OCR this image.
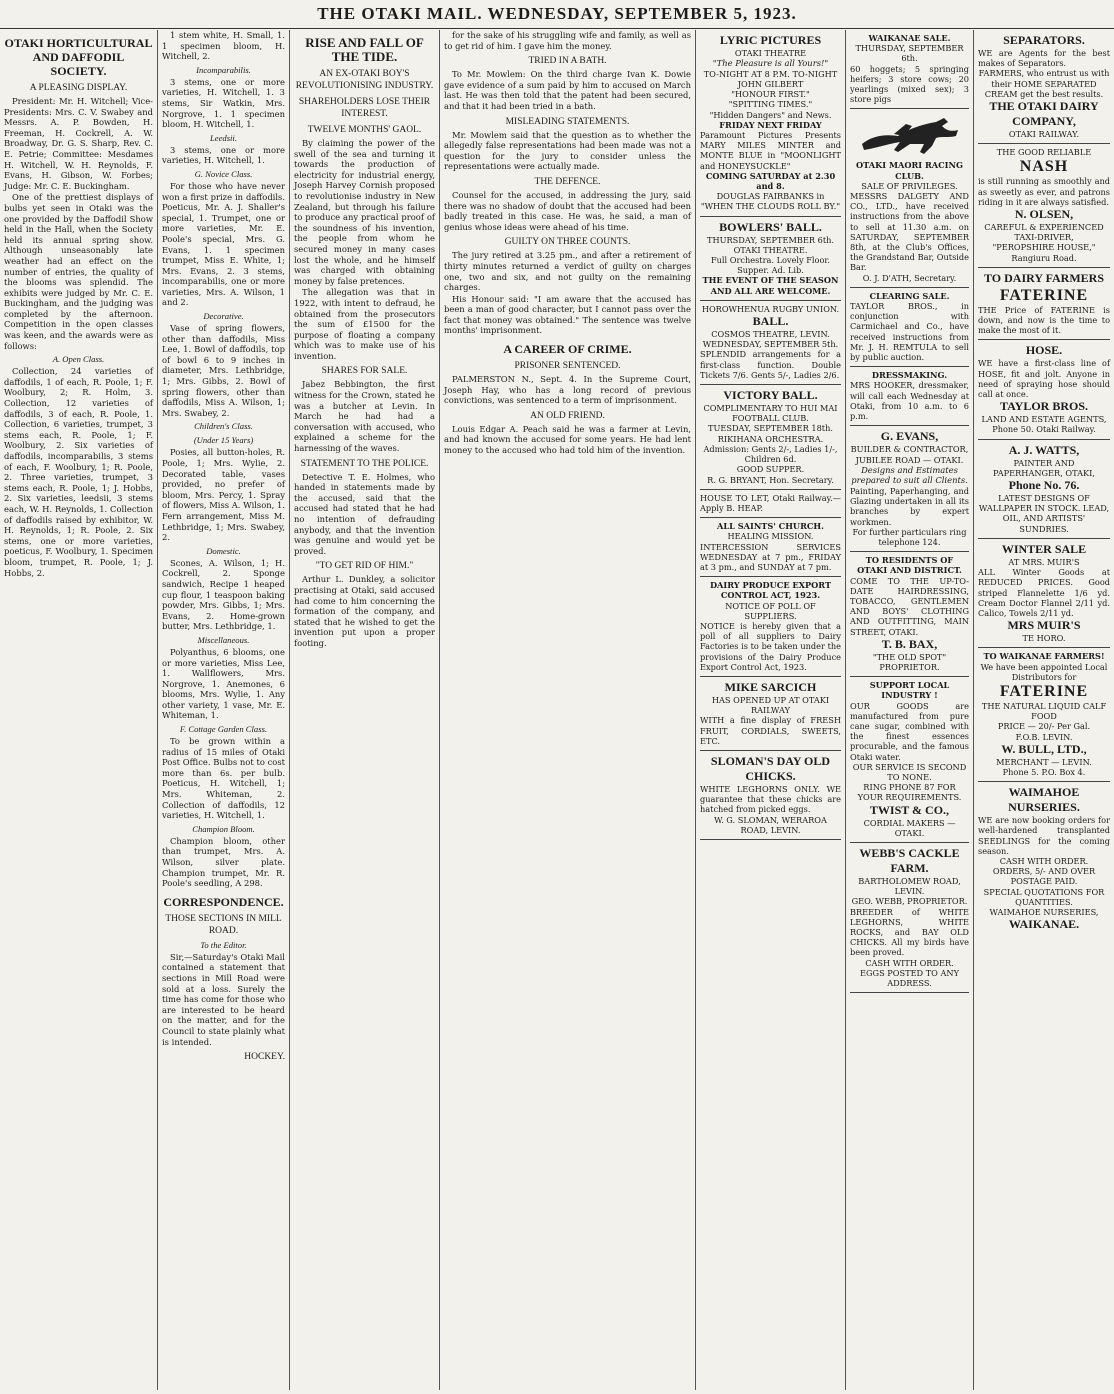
THE OTAKI MAIL. WEDNESDAY, SEPTEMBER 5, 1923.
OTAKI HORTICULTURAL AND DAFFODIL SOCIETY.
A PLEASING DISPLAY.

President: Mr. H. Witchell; Vice-Presidents: Mrs. C. V. Swabey and Messrs. A. P. Bowden, H. Freeman, H. Cockrell, A. W. Broadway, Dr. G. S. Sharp, Rev. C. E. Petrie; Committee: Mesdames H. Witchell, W. H. Reynolds, F. Evans, H. Gibson, W. Forbes; Judge: Mr. C. E. Buckingham.

One of the prettiest displays of bulbs yet seen in Otaki was the one provided by the Daffodil Show held in the Hall, when the Society held its annual spring show. Although unseasonably late weather had an effect on the number of entries, the quality of the blooms was splendid. The exhibits were judged by Mr. C. E. Buckingham, and the judging was completed by the afternoon. Competition in the open classes was keen, and the awards were as follows:

A. Open Class.

Collection, 24 varieties of daffodils, 1 of each, R. Poole, 1; F. Woolbury, 2; R. Holm, 3. Collection, 12 varieties of daffodils, 3 of each, R. Poole, 1. Collection, 6 varieties, trumpet, 3 stems each, R. Poole, 1; F. Woolbury, 2. Six varieties of daffodils, incomparabilis, 3 stems of each, F. Woolbury, 1; R. Poole, 2. Three varieties, trumpet, 3 stems each, R. Poole, 1; J. Hobbs, 2. Six varieties, leedsii, 3 stems each, W. H. Reynolds, 1. Collection of daffodils raised by exhibitor, W. H. Reynolds, 1; R. Poole, 2. Six stems, one or more varieties, poeticus, F. Woolbury, 1. Specimen bloom, trumpet, R. Poole, 1; J. Hobbs, 2.

1 stem white, H. Small, 1. 1 specimen bloom, H. Witchell, 2.

Incomparabilis.

3 stems, one or more varieties, H. Witchell, 1. 3 stems, Sir Watkin, Mrs. Norgrove, 1. 1 specimen bloom, H. Witchell, 1.

Leedsii.

3 stems, one or more varieties, H. Witchell, 1.

G. Novice Class.

For those who have never won a first prize in daffodils. Poeticus, Mr. A. J. Shaller's special, 1. Trumpet, one or more varieties, Mr. E. Poole's special, Mrs. G. Evans, 1. 1 specimen trumpet, Miss E. White, 1; Mrs. Evans, 2. 3 stems, incomparabilis, one or more varieties, Mrs. A. Wilson, 1 and 2.

Decorative.

Vase of spring flowers, other than daffodils, Miss Lee, 1. Bowl of daffodils, top of bowl 6 to 9 inches in diameter, Mrs. Lethbridge, 1; Mrs. Gibbs, 2. Bowl of spring flowers, other than daffodils, Miss A. Wilson, 1; Mrs. Swabey, 2.

Children's Class.
(Under 15 Years)

Posies, all button-holes, R. Poole, 1; Mrs. Wylie, 2. Decorated table, vases provided, no prefer of bloom, Mrs. Percy, 1. Spray of flowers, Miss A. Wilson, 1. Fern arrangement, Miss M. Lethbridge, 1; Mrs. Swabey, 2.

Domestic.

Scones, A. Wilson, 1; H. Cockrell, 2. Sponge sandwich, Recipe 1 heaped cup flour, 1 teaspoon baking powder, Mrs. Gibbs, 1; Mrs. Evans, 2. Home-grown butter, Mrs. Lethbridge, 1.

Miscellaneous.

Polyanthus, 6 blooms, one or more varieties, Miss Lee, 1. Wallflowers, Mrs. Norgrove, 1. Anemones, 6 blooms, Mrs. Wylie, 1. Any other variety, 1 vase, Mr. E. Whiteman, 1.

F. Cottage Garden Class.

To be grown within a radius of 15 miles of Otaki Post Office. Bulbs not to cost more than 6s. per bulb. Poeticus, H. Witchell, 1; Mrs. Whiteman, 2. Collection of daffodils, 12 varieties, H. Witchell, 1.

Champion Bloom.

Champion bloom, other than trumpet, Mrs. A. Wilson, silver plate. Champion trumpet, Mr. R. Poole's seedling, A 298.

CORRESPONDENCE.
THOSE SECTIONS IN MILL ROAD.
To the Editor.

Sir,—Saturday's Otaki Mail contained a statement that sections in Mill Road were sold at a loss. Surely the time has come for those who are interested to be heard on the matter, and for the Council to state plainly what is intended.

HOCKEY.
RISE AND FALL OF THE TIDE.
AN EX-OTAKI BOY'S REVOLUTIONISING INDUSTRY.
SHAREHOLDERS LOSE THEIR INTEREST.
TWELVE MONTHS' GAOL.

By claiming the power of the swell of the sea and turning it towards the production of electricity for industrial energy, Joseph Harvey Cornish proposed to revolutionise industry in New Zealand, but through his failure to produce any practical proof of the soundness of his invention, the people from whom he secured money in many cases lost the whole, and he himself was charged with obtaining money by false pretences.

The allegation was that in 1922, with intent to defraud, he obtained from the prosecutors the sum of £1500 for the purpose of floating a company which was to make use of his invention.

SHARES FOR SALE.

Jabez Bebbington, the first witness for the Crown, stated he was a butcher at Levin. In March he had had a conversation with accused, who explained a scheme for the harnessing of the waves.

STATEMENT TO THE POLICE.

Detective T. E. Holmes, who handed in statements made by the accused, said that the accused had stated that he had no intention of defrauding anybody, and that the invention was genuine and would yet be proved.

"TO GET RID OF HIM."

Arthur L. Dunkley, a solicitor practising at Otaki, said accused had come to him concerning the formation of the company, and stated that he wished to get the invention put upon a proper footing.

for the sake of his struggling wife and family, as well as to get rid of him. I gave him the money.

TRIED IN A BATH.

To Mr. Mowlem: On the third charge Ivan K. Dowie gave evidence of a sum paid by him to accused on March last. He was then told that the patent had been secured, and that it had been tried in a bath.

MISLEADING STATEMENTS.

Mr. Mowlem said that the question as to whether the allegedly false representations had been made was not a question for the jury to consider unless the representations were actually made.

THE DEFENCE.

Counsel for the accused, in addressing the jury, said there was no shadow of doubt that the accused had been badly treated in this case. He was, he said, a man of genius whose ideas were ahead of his time.

GUILTY ON THREE COUNTS.

The jury retired at 3.25 pm., and after a retirement of thirty minutes returned a verdict of guilty on charges one, two and six, and not guilty on the remaining charges.

His Honour said: "I am aware that the accused has been a man of good character, but I cannot pass over the fact that money was obtained." The sentence was twelve months' imprisonment.

A CAREER OF CRIME.
PRISONER SENTENCED.

PALMERSTON N., Sept. 4. In the Supreme Court, Joseph Hay, who has a long record of previous convictions, was sentenced to a term of imprisonment.

AN OLD FRIEND.

Louis Edgar A. Peach said he was a farmer at Levin, and had known the accused for some years. He had lent money to the accused who had told him of the invention.

LYRIC PICTURES
OTAKI THEATRE
"The Pleasure is all Yours!"
TO-NIGHT AT 8 P.M. TO-NIGHT
JOHN GILBERT
"HONOUR FIRST."
"SPITTING TIMES."
"Hidden Dangers" and News.
FRIDAY NEXT FRIDAY
Paramount Pictures Presents MARY MILES MINTER and MONTE BLUE in "MOONLIGHT and HONEYSUCKLE"
COMING SATURDAY at 2.30 and 8.
DOUGLAS FAIRBANKS in
"WHEN THE CLOUDS ROLL BY."
BOWLERS' BALL.
THURSDAY, SEPTEMBER 6th.
OTAKI THEATRE.
Full Orchestra. Lovely Floor. Supper. Ad. Lib.
THE EVENT OF THE SEASON AND ALL ARE WELCOME.
HOROWHENUA RUGBY UNION.
BALL.
COSMOS THEATRE, LEVIN.
WEDNESDAY, SEPTEMBER 5th.
SPLENDID arrangements for a first-class function. Double Tickets 7/6. Gents 5/-, Ladies 2/6.
VICTORY BALL.
COMPLIMENTARY TO HUI MAI FOOTBALL CLUB.
TUESDAY, SEPTEMBER 18th.
RIKIHANA ORCHESTRA.
Admission: Gents 2/-, Ladies 1/-, Children 6d.
GOOD SUPPER.
R. G. BRYANT, Hon. Secretary.
HOUSE TO LET, Otaki Railway.—Apply B. HEAP.
ALL SAINTS' CHURCH.
HEALING MISSION.
INTERCESSION SERVICES WEDNESDAY at 7 pm., FRIDAY at 3 pm., and SUNDAY at 7 pm.
DAIRY PRODUCE EXPORT CONTROL ACT, 1923.
NOTICE OF POLL OF SUPPLIERS.
NOTICE is hereby given that a poll of all suppliers to Dairy Factories is to be taken under the provisions of the Dairy Produce Export Control Act, 1923.
MIKE SARCICH
HAS OPENED UP AT OTAKI RAILWAY
WITH a fine display of FRESH FRUIT, CORDIALS, SWEETS, ETC.
SLOMAN'S DAY OLD CHICKS.
WHITE LEGHORNS ONLY. WE guarantee that these chicks are hatched from picked eggs.
W. G. SLOMAN, WERAROA ROAD, LEVIN.
WAIKANAE SALE.
THURSDAY, SEPTEMBER 6th.
60 hoggets; 5 springing heifers; 3 store cows; 20 yearlings (mixed sex); 3 store pigs
OTAKI MAORI RACING CLUB.
SALE OF PRIVILEGES.
MESSRS DALGETY AND CO., LTD., have received instructions from the above to sell at 11.30 a.m. on SATURDAY, SEPTEMBER 8th, at the Club's Offices, the Grandstand Bar, Outside Bar.
O. J. D'ATH, Secretary.
CLEARING SALE.
TAYLOR BROS., in conjunction with Carmichael and Co., have received instructions from Mr. J. H. REMTULA to sell by public auction.
DRESSMAKING.
MRS HOOKER, dressmaker, will call each Wednesday at Otaki, from 10 a.m. to 6 p.m.
G. EVANS,
BUILDER & CONTRACTOR,
JUBILEE ROAD — OTAKI.
Designs and Estimates prepared to suit all Clients.
Painting, Paperhanging, and Glazing undertaken in all its branches by expert workmen.
For further particulars ring telephone 124.
TO RESIDENTS OF OTAKI AND DISTRICT.
COME TO THE UP-TO-DATE HAIRDRESSING, TOBACCO, GENTLEMEN AND BOYS' CLOTHING AND OUTFITTING, MAIN STREET, OTAKI.
T. B. BAX,
"THE OLD SPOT"
PROPRIETOR.
SUPPORT LOCAL INDUSTRY !
OUR GOODS are manufactured from pure cane sugar, combined with the finest essences procurable, and the famous Otaki water.
OUR SERVICE IS SECOND TO NONE.
RING PHONE 87 FOR YOUR REQUIREMENTS.
TWIST & CO.,
CORDIAL MAKERS — OTAKI.
WEBB'S CACKLE FARM.
BARTHOLOMEW ROAD, LEVIN.
GEO. WEBB, PROPRIETOR.
BREEDER of WHITE LEGHORNS, WHITE ROCKS, and BAY OLD CHICKS. All my birds have been proved.
CASH WITH ORDER.
EGGS POSTED TO ANY ADDRESS.
SEPARATORS.
WE are Agents for the best makes of Separators.
FARMERS, who entrust us with their HOME SEPARATED CREAM get the best results.
THE OTAKI DAIRY COMPANY,
OTAKI RAILWAY.
THE GOOD RELIABLE
NASH
is still running as smoothly and as sweetly as ever, and patrons riding in it are always satisfied.
N. OLSEN,
CAREFUL & EXPERIENCED TAXI-DRIVER,
"PEROPSHIRE HOUSE," Rangiuru Road.
TO DAIRY FARMERS
FATERINE
THE Price of FATERINE is down, and now is the time to make the most of it.
HOSE.
WE have a first-class line of HOSE, fit and jolt. Anyone in need of spraying hose should call at once.
TAYLOR BROS.
LAND AND ESTATE AGENTS,
Phone 50. Otaki Railway.
A. J. WATTS,
PAINTER AND PAPERHANGER, OTAKI,
Phone No. 76.
LATEST DESIGNS OF WALLPAPER IN STOCK. LEAD, OIL, AND ARTISTS' SUNDRIES.
WINTER SALE
AT MRS. MUIR'S
ALL Winter Goods at REDUCED PRICES. Good striped Flannelette 1/6 yd. Cream Doctor Flannel 2/11 yd. Calico, Towels 2/11 yd.
MRS MUIR'S
TE HORO.
TO WAIKANAE FARMERS!
We have been appointed Local Distributors for
FATERINE
THE NATURAL LIQUID CALF FOOD
PRICE — 20/- Per Gal.
F.O.B. LEVIN.
W. BULL, LTD.,
MERCHANT — LEVIN.
Phone 5. P.O. Box 4.
WAIMAHOE NURSERIES.
WE are now booking orders for well-hardened transplanted SEEDLINGS for the coming season.
CASH WITH ORDER.
ORDERS, 5/- AND OVER POSTAGE PAID.
SPECIAL QUOTATIONS FOR QUANTITIES.
WAIMAHOE NURSERIES,
WAIKANAE.
